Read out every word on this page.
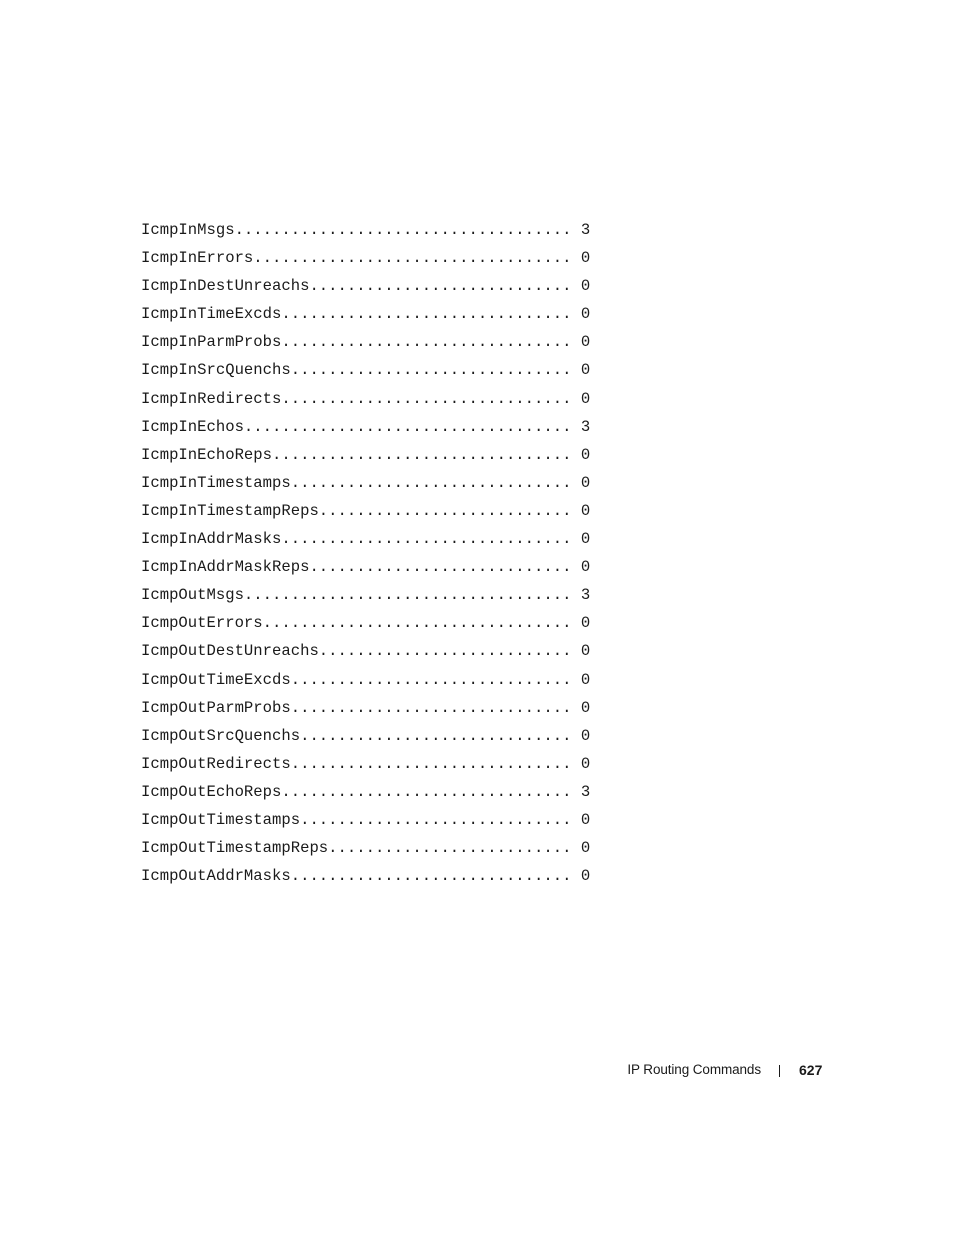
IcmpInMsgs.................................... 3
IcmpInErrors.................................. 0
IcmpInDestUnreachs............................ 0
IcmpInTimeExcds............................... 0
IcmpInParmProbs............................... 0
IcmpInSrcQuenchs.............................. 0
IcmpInRedirects............................... 0
IcmpInEchos................................... 3
IcmpInEchoReps................................ 0
IcmpInTimestamps.............................. 0
IcmpInTimestampReps........................... 0
IcmpInAddrMasks............................... 0
IcmpInAddrMaskReps............................ 0
IcmpOutMsgs................................... 3
IcmpOutErrors................................. 0
IcmpOutDestUnreachs........................... 0
IcmpOutTimeExcds.............................. 0
IcmpOutParmProbs.............................. 0
IcmpOutSrcQuenchs............................. 0
IcmpOutRedirects.............................. 0
IcmpOutEchoReps............................... 3
IcmpOutTimestamps............................. 0
IcmpOutTimestampReps.......................... 0
IcmpOutAddrMasks.............................. 0
IP Routing Commands	627
